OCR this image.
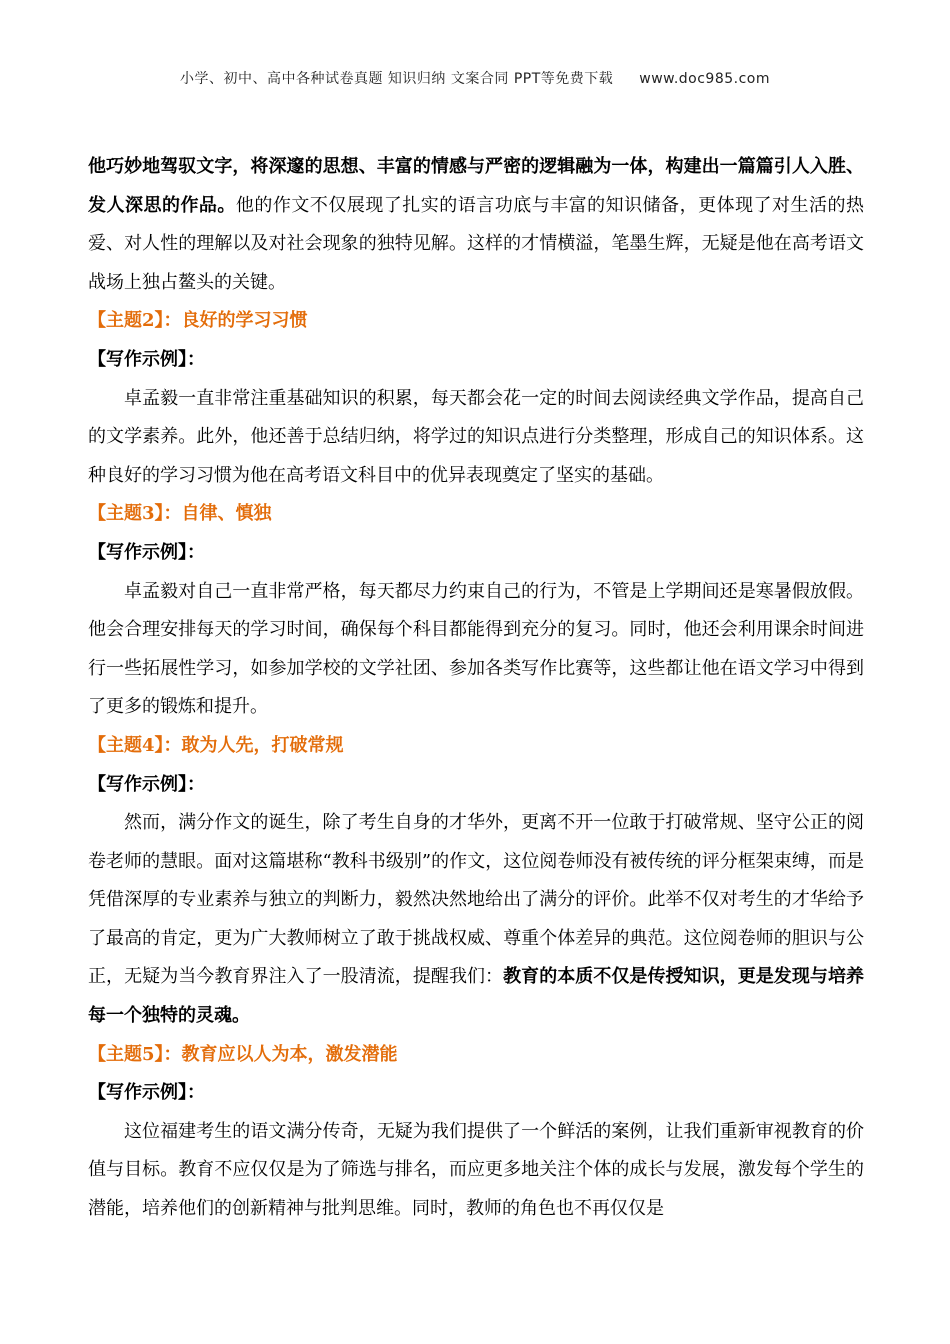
小学、初中、高中各种试卷真题 知识归纳 文案合同 PPT等免费下载 www.doc985.com

他巧妙地驾驭文字，将深邃的思想、丰富的情感与严密的逻辑融为一体，构建出一篇篇引人入胜、发人深思的作品。他的作文不仅展现了扎实的语言功底与丰富的知识储备，更体现了对生活的热爱、对人性的理解以及对社会现象的独特见解。这样的才情横溢，笔墨生辉，无疑是他在高考语文战场上独占鳌头的关键。

【主题2】：良好的学习习惯

【写作示例】：

卓孟毅一直非常注重基础知识的积累，每天都会花一定的时间去阅读经典文学作品，提高自己的文学素养。此外，他还善于总结归纳，将学过的知识点进行分类整理，形成自己的知识体系。这种良好的学习习惯为他在高考语文科目中的优异表现奠定了坚实的基础。

【主题3】：自律、慎独

【写作示例】：

卓孟毅对自己一直非常严格，每天都尽力约束自己的行为，不管是上学期间还是寒暑假放假。他会合理安排每天的学习时间，确保每个科目都能得到充分的复习。同时，他还会利用课余时间进行一些拓展性学习，如参加学校的文学社团、参加各类写作比赛等，这些都让他在语文学习中得到了更多的锻炼和提升。

【主题4】：敢为人先，打破常规

【写作示例】：

然而，满分作文的诞生，除了考生自身的才华外，更离不开一位敢于打破常规、坚守公正的阅卷老师的慧眼。面对这篇堪称“教科书级别”的作文，这位阅卷师没有被传统的评分框架束缚，而是凭借深厚的专业素养与独立的判断力，毅然决然地给出了满分的评价。此举不仅对考生的才华给予了最高的肯定，更为广大教师树立了敢于挑战权威、尊重个体差异的典范。这位阅卷师的胆识与公正，无疑为当今教育界注入了一股清流，提醒我们：教育的本质不仅是传授知识，更是发现与培养每一个独特的灵魂。

【主题5】：教育应以人为本，激发潜能

【写作示例】：

这位福建考生的语文满分传奇，无疑为我们提供了一个鲜活的案例，让我们重新审视教育的价值与目标。教育不应仅仅是为了筛选与排名，而应更多地关注个体的成长与发展，激发每个学生的潜能，培养他们的创新精神与批判思维。同时，教师的角色也不再仅仅是
